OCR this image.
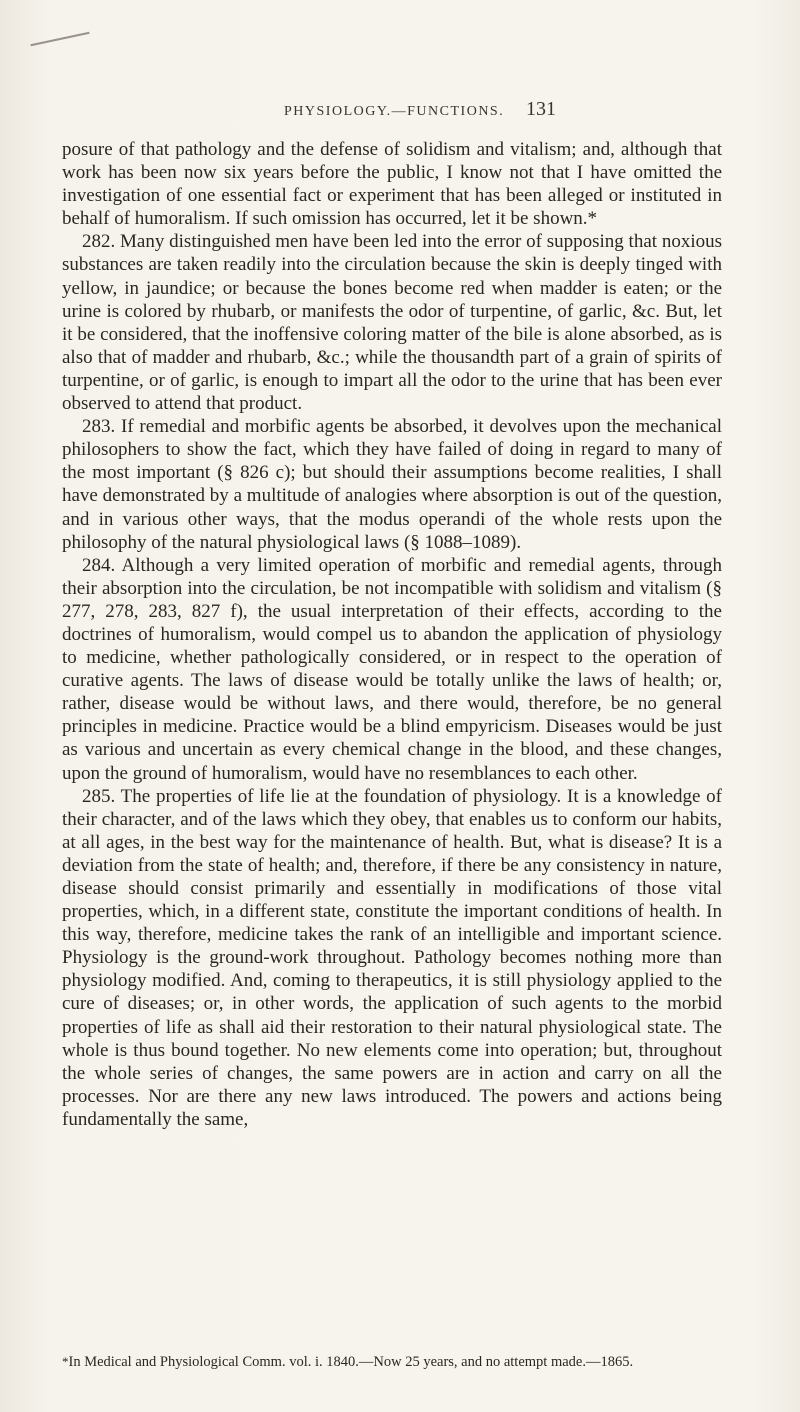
PHYSIOLOGY.—FUNCTIONS. 131

posure of that pathology and the defense of solidism and vitalism; and, although that work has been now six years before the public, I know not that I have omitted the investigation of one essential fact or experiment that has been alleged or instituted in behalf of humoralism. If such omission has occurred, let it be shown.*

282. Many distinguished men have been led into the error of supposing that noxious substances are taken readily into the circulation because the skin is deeply tinged with yellow, in jaundice; or because the bones become red when madder is eaten; or the urine is colored by rhubarb, or manifests the odor of turpentine, of garlic, &c. But, let it be considered, that the inoffensive coloring matter of the bile is alone absorbed, as is also that of madder and rhubarb, &c.; while the thousandth part of a grain of spirits of turpentine, or of garlic, is enough to impart all the odor to the urine that has been ever observed to attend that product.

283. If remedial and morbific agents be absorbed, it devolves upon the mechanical philosophers to show the fact, which they have failed of doing in regard to many of the most important (§ 826 c); but should their assumptions become realities, I shall have demonstrated by a multitude of analogies where absorption is out of the question, and in various other ways, that the modus operandi of the whole rests upon the philosophy of the natural physiological laws (§ 1088–1089).

284. Although a very limited operation of morbific and remedial agents, through their absorption into the circulation, be not incompatible with solidism and vitalism (§ 277, 278, 283, 827 f), the usual interpretation of their effects, according to the doctrines of humoralism, would compel us to abandon the application of physiology to medicine, whether pathologically considered, or in respect to the operation of curative agents. The laws of disease would be totally unlike the laws of health; or, rather, disease would be without laws, and there would, therefore, be no general principles in medicine. Practice would be a blind empyricism. Diseases would be just as various and uncertain as every chemical change in the blood, and these changes, upon the ground of humoralism, would have no resemblances to each other.

285. The properties of life lie at the foundation of physiology. It is a knowledge of their character, and of the laws which they obey, that enables us to conform our habits, at all ages, in the best way for the maintenance of health. But, what is disease? It is a deviation from the state of health; and, therefore, if there be any consistency in nature, disease should consist primarily and essentially in modifications of those vital properties, which, in a different state, constitute the important conditions of health. In this way, therefore, medicine takes the rank of an intelligible and important science. Physiology is the ground-work throughout. Pathology becomes nothing more than physiology modified. And, coming to therapeutics, it is still physiology applied to the cure of diseases; or, in other words, the application of such agents to the morbid properties of life as shall aid their restoration to their natural physiological state. The whole is thus bound together. No new elements come into operation; but, throughout the whole series of changes, the same powers are in action and carry on all the processes. Nor are there any new laws introduced. The powers and actions being fundamentally the same,

*In Medical and Physiological Comm. vol. i. 1840.—Now 25 years, and no attempt made.—1865.
